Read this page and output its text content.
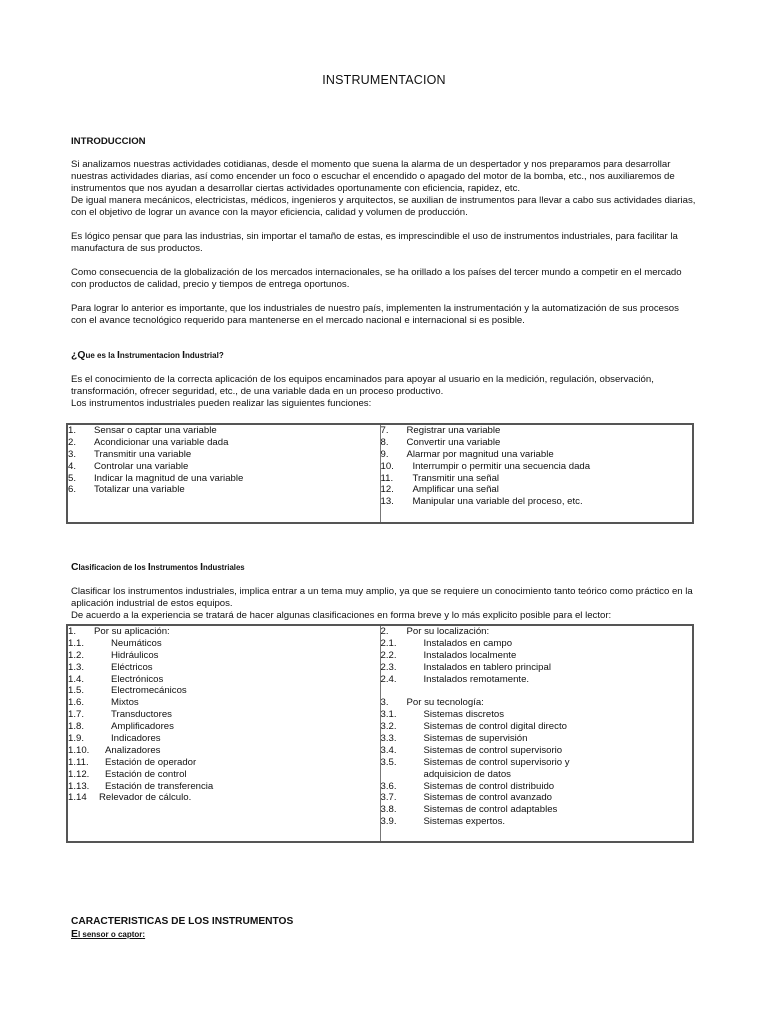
INSTRUMENTACION
INTRODUCCION

Si analizamos nuestras actividades cotidianas, desde el momento que suena la alarma de un despertador y nos preparamos para desarrollar nuestras actividades diarias, así como encender un foco o escuchar el encendido o apagado del motor de la bomba, etc., nos auxiliaremos de instrumentos que nos ayudan a desarrollar ciertas actividades oportunamente con eficiencia, rapidez, etc.

De igual manera mecánicos, electricistas, médicos, ingenieros y arquitectos, se auxilian de instrumentos para llevar a cabo sus actividades diarias, con el objetivo de lograr un avance con la mayor eficiencia, calidad y volumen de producción.

Es lógico pensar que para las industrias, sin importar el tamaño de estas, es imprescindible el uso de instrumentos industriales, para facilitar la manufactura de sus productos.
Como consecuencia de la globalización de los mercados internacionales, se ha orillado a los países del tercer mundo a competir en el mercado con productos de calidad, precio y tiempos de entrega oportunos.
Para lograr lo anterior es importante, que los industriales de nuestro país, implementen la instrumentación y la automatización de sus procesos con el avance tecnológico requerido para mantenerse en el mercado nacional e internacional si es posible.
¿Que es la Instrumentacion Industrial?
Es el conocimiento de la correcta aplicación de los equipos encaminados para apoyar al usuario en la medición, regulación, observación, transformación, ofrecer seguridad, etc., de una variable dada en un proceso productivo.
Los instrumentos industriales pueden realizar las siguientes funciones:
1.	Sensar o captar una variable
2.	Acondicionar una variable dada
3.	Transmitir una variable
4.	Controlar una variable
5.	Indicar la magnitud de una variable
6.	Totalizar una variable

7.	Registrar una variable
8.	Convertir una variable
9.	Alarmar por magnitud una variable
10.	Interrumpir o permitir una secuencia dada
11.	Transmitir una señal
12.	Amplificar una señal
13.	Manipular una variable del proceso, etc.
Clasificacion de los Instrumentos Industriales
Clasificar los instrumentos industriales, implica entrar a un tema muy amplio, ya que se requiere un conocimiento tanto teórico como práctico en la aplicación industrial de estos equipos.
De acuerdo a la experiencia se tratará de hacer algunas clasificaciones en forma breve y lo más explicito posible para el lector:
1.	Por su aplicación:
1.1.	Neumáticos
1.2.	Hidráulicos
1.3.	Eléctricos
1.4.	Electrónicos
1.5.	Electromecánicos
1.6.	Mixtos
1.7.	Transductores
1.8.	Amplificadores
1.9.	Indicadores
1.10.	Analizadores
1.11.	Estación de operador
1.12.	Estación de control
1.13.	Estación de transferencia
1.14	Relevador de cálculo.

2.	Por su localización:
2.1.	Instalados en campo
2.2.	Instalados localmente
2.3.	Instalados en tablero principal
2.4.	Instalados remotamente.
3.	Por su tecnología:
3.1.	Sistemas discretos
3.2.	Sistemas de control digital directo
3.3.	Sistemas de supervisión
3.4.	Sistemas de control supervisorio
3.5.	Sistemas de control supervisorio y
adquisicion de datos
3.6.	Sistemas de control distribuido
3.7.	Sistemas de control avanzado
3.8.	Sistemas de control adaptables
3.9.	Sistemas expertos.
CARACTERISTICAS DE LOS INSTRUMENTOS
El sensor o captor:
